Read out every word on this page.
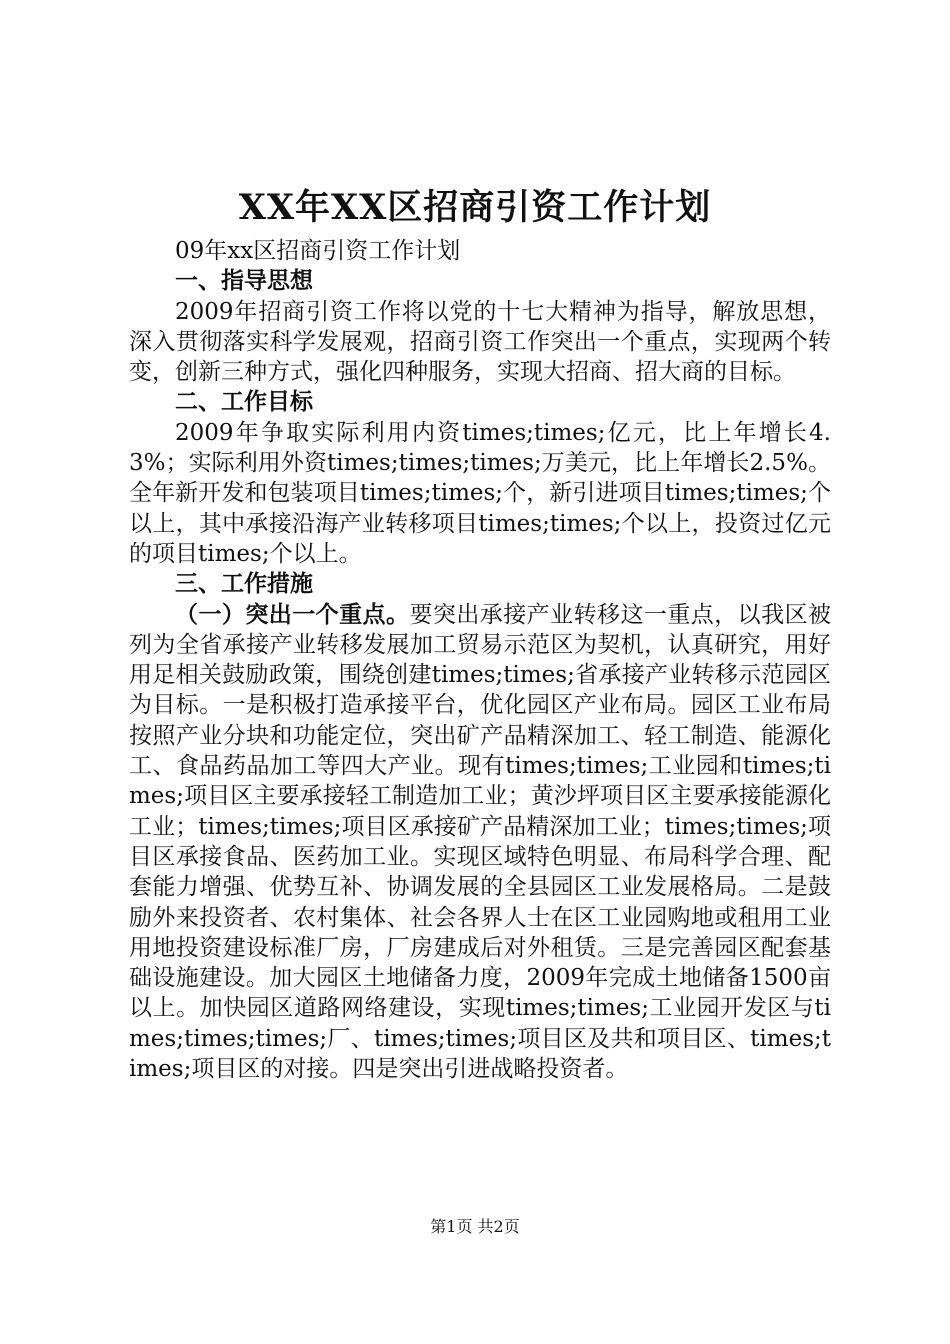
XX年XX区招商引资工作计划

09年xx区招商引资工作计划

一、指导思想

2009年招商引资工作将以党的十七大精神为指导，解放思想，深入贯彻落实科学发展观，招商引资工作突出一个重点，实现两个转变，创新三种方式，强化四种服务，实现大招商、招大商的目标。

二、工作目标

2009年争取实际利用内资times;times;亿元，比上年增长4.3%；实际利用外资times;times;times;万美元，比上年增长2.5%。全年新开发和包装项目times;times;个，新引进项目times;times;个以上，其中承接沿海产业转移项目times;times;个以上，投资过亿元的项目times;个以上。

三、工作措施

（一）突出一个重点。要突出承接产业转移这一重点，以我区被列为全省承接产业转移发展加工贸易示范区为契机，认真研究，用好用足相关鼓励政策，围绕创建times;times;省承接产业转移示范园区为目标。一是积极打造承接平台，优化园区产业布局。园区工业布局按照产业分块和功能定位，突出矿产品精深加工、轻工制造、能源化工、食品药品加工等四大产业。现有times;times;工业园和times;times;项目区主要承接轻工制造加工业；黄沙坪项目区主要承接能源化工业；times;times;项目区承接矿产品精深加工业；times;times;项目区承接食品、医药加工业。实现区域特色明显、布局科学合理、配套能力增强、优势互补、协调发展的全县园区工业发展格局。二是鼓励外来投资者、农村集体、社会各界人士在区工业园购地或租用工业用地投资建设标准厂房，厂房建成后对外租赁。三是完善园区配套基础设施建设。加大园区土地储备力度，2009年完成土地储备1500亩以上。加快园区道路网络建设，实现times;times;工业园开发区与times;times;times;厂、times;times;项目区及共和项目区、times;times;项目区的对接。四是突出引进战略投资者。

第1页 共2页
